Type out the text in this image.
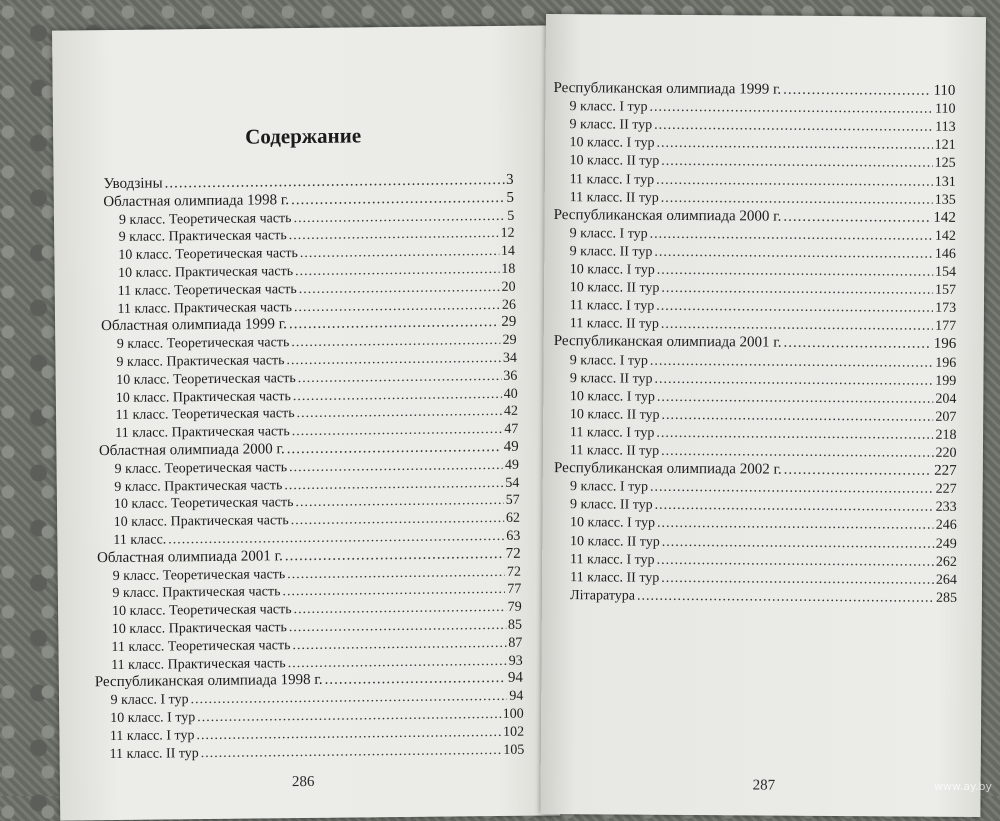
Содержание
Уводзіны .....	3
Областная олимпиада 1998 г. .....	5
9 класс. Теоретическая часть .....	5
9 класс. Практическая часть .....	12
10 класс. Теоретическая часть .....	14
10 класс. Практическая часть .....	18
11 класс. Теоретическая часть .....	20
11 класс. Практическая часть .....	26
Областная олимпиада 1999 г. .....	29
9 класс. Теоретическая часть .....	29
9 класс. Практическая часть .....	34
10 класс. Теоретическая часть .....	36
10 класс. Практическая часть .....	40
11 класс. Теоретическая часть .....	42
11 класс. Практическая часть .....	47
Областная олимпиада 2000 г. .....	49
9 класс. Теоретическая часть .....	49
9 класс. Практическая часть .....	54
10 класс. Теоретическая часть .....	57
10 класс. Практическая часть .....	62
11 класс. .....	63
Областная олимпиада 2001 г. .....	72
9 класс. Теоретическая часть .....	72
9 класс. Практическая часть .....	77
10 класс. Теоретическая часть .....	79
10 класс. Практическая часть .....	85
11 класс. Теоретическая часть .....	87
11 класс. Практическая часть .....	93
Республиканская олимпиада 1998 г. .....	94
9 класс. I тур .....	94
10 класс. I тур .....	100
11 класс. I тур .....	102
11 класс. II тур .....	105
286
Республиканская олимпиада 1999 г. .....	110
9 класс. I тур .....	110
9 класс. II тур .....	113
10 класс. I тур .....	121
10 класс. II тур .....	125
11 класс. I тур .....	131
11 класс. II тур .....	135
Республиканская олимпиада 2000 г. .....	142
9 класс. I тур .....	142
9 класс. II тур .....	146
10 класс. I тур .....	154
10 класс. II тур .....	157
11 класс. I тур .....	173
11 класс. II тур .....	177
Республиканская олимпиада 2001 г. .....	196
9 класс. I тур .....	196
9 класс. II тур .....	199
10 класс. I тур .....	204
10 класс. II тур .....	207
11 класс. I тур .....	218
11 класс. II тур .....	220
Республиканская олимпиада 2002 г. .....	227
9 класс. I тур .....	227
9 класс. II тур .....	233
10 класс. I тур .....	246
10 класс. II тур .....	249
11 класс. I тур .....	262
11 класс. II тур .....	264
Літаратура .....	285
287	www.ay.by
